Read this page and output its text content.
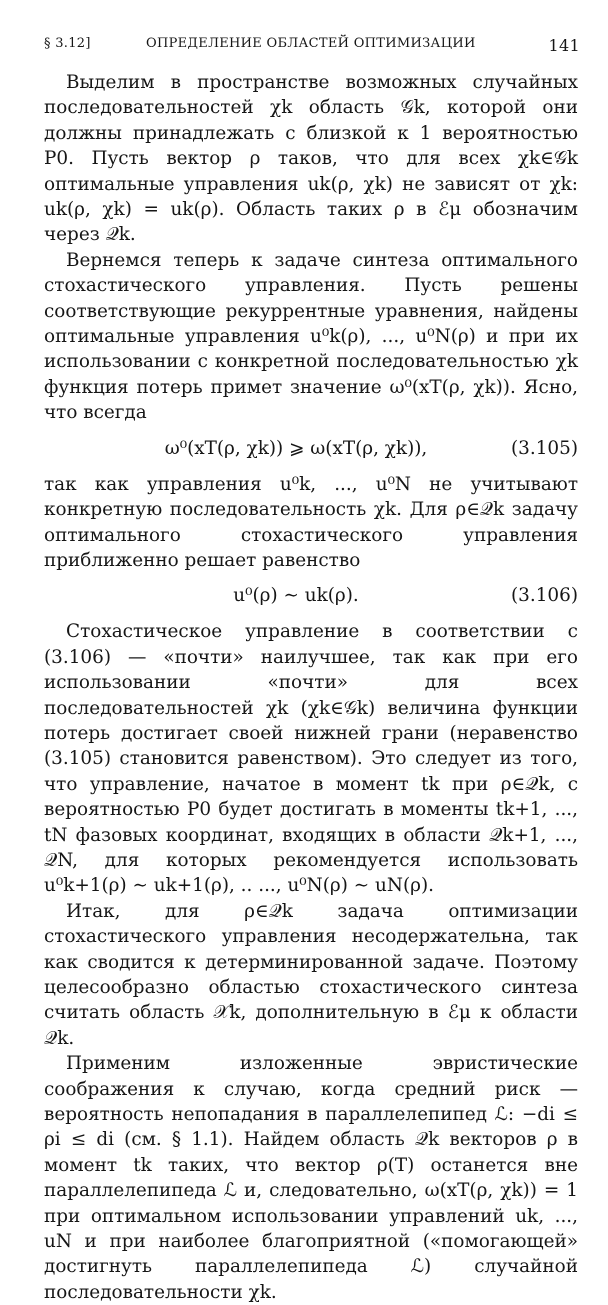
§ 3.12]	ОПРЕДЕЛЕНИЕ ОБЛАСТЕЙ ОПТИМИЗАЦИИ	141

Выделим в пространстве возможных случайных последовательностей χk область 𝒢k, которой они должны принадлежать с близкой к 1 вероятностью P0. Пусть вектор ρ таков, что для всех χk∈𝒢k оптимальные управления uk(ρ, χk) не зависят от χk: uk(ρ, χk) = uk(ρ). Область таких ρ в ℰμ обозначим через 𝒬k.

Вернемся теперь к задаче синтеза оптимального стохастического управления. Пусть решены соответствующие рекуррентные уравнения, найдены оптимальные управления u⁰k(ρ), ..., u⁰N(ρ) и при их использовании с конкретной последовательностью χk функция потерь примет значение ω⁰(xT(ρ, χk)). Ясно, что всегда

ω⁰(xT(ρ, χk)) ⩾ ω(xT(ρ, χk)),	(3.105)

так как управления u⁰k, ..., u⁰N не учитывают конкретную последовательность χk. Для ρ∈𝒬k задачу оптимального стохастического управления приближенно решает равенство

u⁰(ρ) ∼ uk(ρ).	(3.106)

Стохастическое управление в соответствии с (3.106) — «почти» наилучшее, так как при его использовании «почти» для всех последовательностей χk (χk∈𝒢k) величина функции потерь достигает своей нижней грани (неравенство (3.105) становится равенством). Это следует из того, что управление, начатое в момент tk при ρ∈𝒬k, с вероятностью P0 будет достигать в моменты tk+1, ..., tN фазовых координат, входящих в области 𝒬k+1, ..., 𝒬N, для которых рекомендуется использовать u⁰k+1(ρ) ∼ uk+1(ρ), .. ..., u⁰N(ρ) ∼ uN(ρ).

Итак, для ρ∈𝒬k задача оптимизации стохастического управления несодержательна, так как сводится к детерминированной задаче. Поэтому целесообразно областью стохастического синтеза считать область 𝒳k, дополнительную в ℰμ к области 𝒬k.

Применим изложенные эвристические соображения к случаю, когда средний риск — вероятность непопадания в параллелепипед ℒ: −di ≤ ρi ≤ di (см. § 1.1). Найдем область 𝒬k векторов ρ в момент tk таких, что вектор ρ(T) останется вне параллелепипеда ℒ и, следовательно, ω(xT(ρ, χk)) = 1 при оптимальном использовании управлений uk, ..., uN и при наиболее благоприятной («помогающей» достигнуть параллелепипеда ℒ) случайной последовательности χk.
